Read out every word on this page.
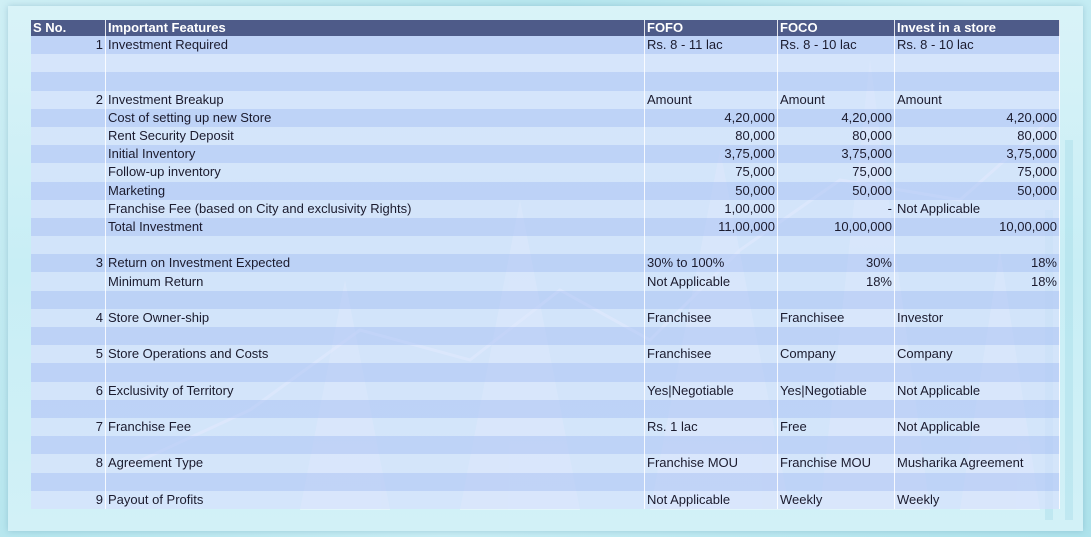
S No.	Important Features	FOFO	FOCO	Invest in a store
1	Investment Required	Rs. 8 - 11 lac	Rs. 8 - 10 lac	Rs. 8 - 10 lac

2	Investment Breakup	Amount	Amount	Amount
	Cost of setting up new Store	4,20,000	4,20,000	4,20,000
	Rent Security Deposit	80,000	80,000	80,000
	Initial Inventory	3,75,000	3,75,000	3,75,000
	Follow-up inventory	75,000	75,000	75,000
	Marketing	50,000	50,000	50,000
	Franchise Fee (based on City and exclusivity Rights)	1,00,000	-	Not Applicable
	Total Investment	11,00,000	10,00,000	10,00,000

3	Return on Investment Expected	30% to 100%	30%	18%
	Minimum Return	Not Applicable	18%	18%

4	Store Owner-ship	Franchisee	Franchisee	Investor

5	Store Operations and Costs	Franchisee	Company	Company

6	Exclusivity of Territory	Yes|Negotiable	Yes|Negotiable	Not Applicable

7	Franchise Fee	Rs. 1 lac	Free	Not Applicable

8	Agreement Type	Franchise MOU	Franchise MOU	Musharika Agreement

9	Payout of Profits	Not Applicable	Weekly	Weekly
